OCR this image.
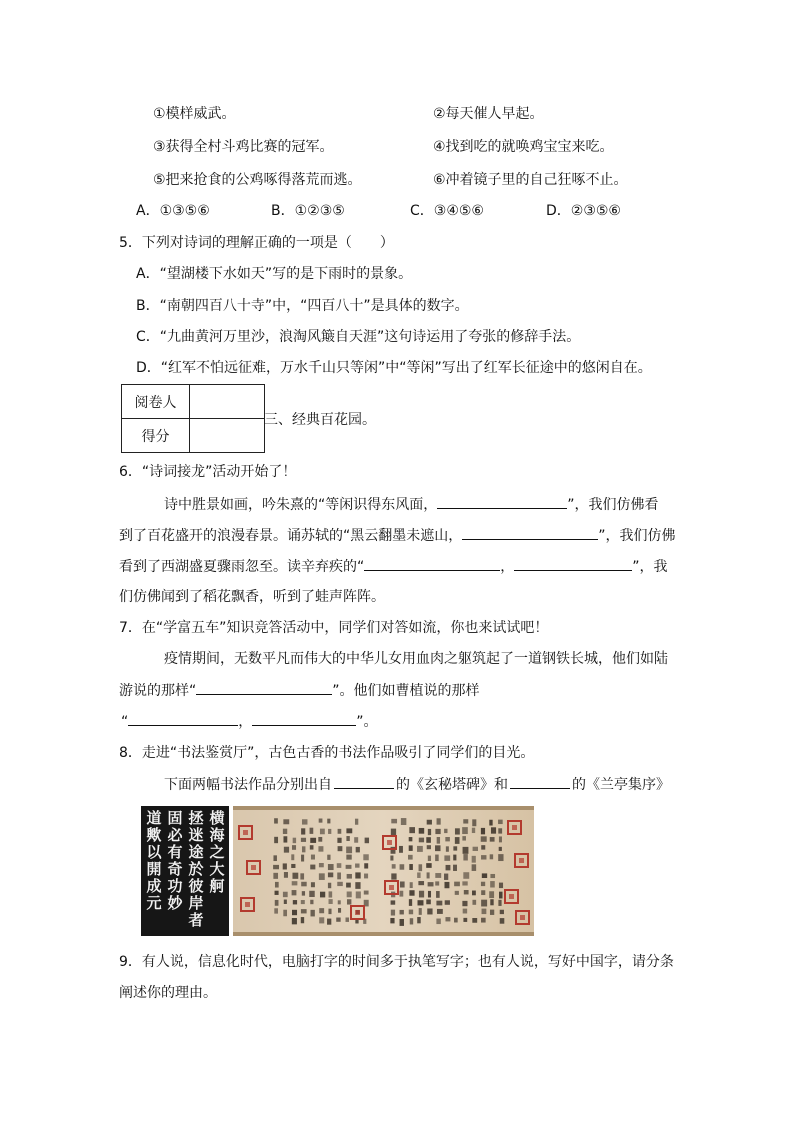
①模样威武。	②每天催人早起。
③获得全村斗鸡比赛的冠军。	④找到吃的就唤鸡宝宝来吃。
⑤把来抢食的公鸡啄得落荒而逃。	⑥冲着镜子里的自己狂啄不止。
A．①③⑤⑥	B．①②③⑤	C．③④⑤⑥	D．②③⑤⑥
5．下列对诗词的理解正确的一项是（　　）
A．“望湖楼下水如天”写的是下雨时的景象。
B．“南朝四百八十寺”中，“四百八十”是具体的数字。
C．“九曲黄河万里沙，浪淘风簸自天涯”这句诗运用了夸张的修辞手法。
D．“红军不怕远征难，万水千山只等闲”中“等闲”写出了红军长征途中的悠闲自在。
阅卷人	
得分	
三、经典百花园。
6．“诗词接龙”活动开始了！
诗中胜景如画，吟朱熹的“等闲识得东风面，	”，我们仿佛看
到了百花盛开的浪漫春景。诵苏轼的“黑云翻墨未遮山，	”，我们仿佛
看到了西湖盛夏骤雨忽至。读辛弃疾的“	，	”，我
们仿佛闻到了稻花飘香，听到了蛙声阵阵。
7．在“学富五车”知识竞答活动中，同学们对答如流，你也来试试吧！
疫情期间，无数平凡而伟大的中华儿女用血肉之躯筑起了一道钢铁长城，他们如陆
游说的那样“	”。他们如曹植说的那样
“	，	”。
8．走进“书法鉴赏厅”，古色古香的书法作品吸引了同学们的目光。
下面两幅书法作品分别出自	的《玄秘塔碑》和	的《兰亭集序》
横
海
之
大
舸
拯
迷
途
於
彼
岸
者
固
必
有
奇
功
妙
道
歟
以
開
成
元
9．有人说，信息化时代，电脑打字的时间多于执笔写字；也有人说，写好中国字，请分条
阐述你的理由。
